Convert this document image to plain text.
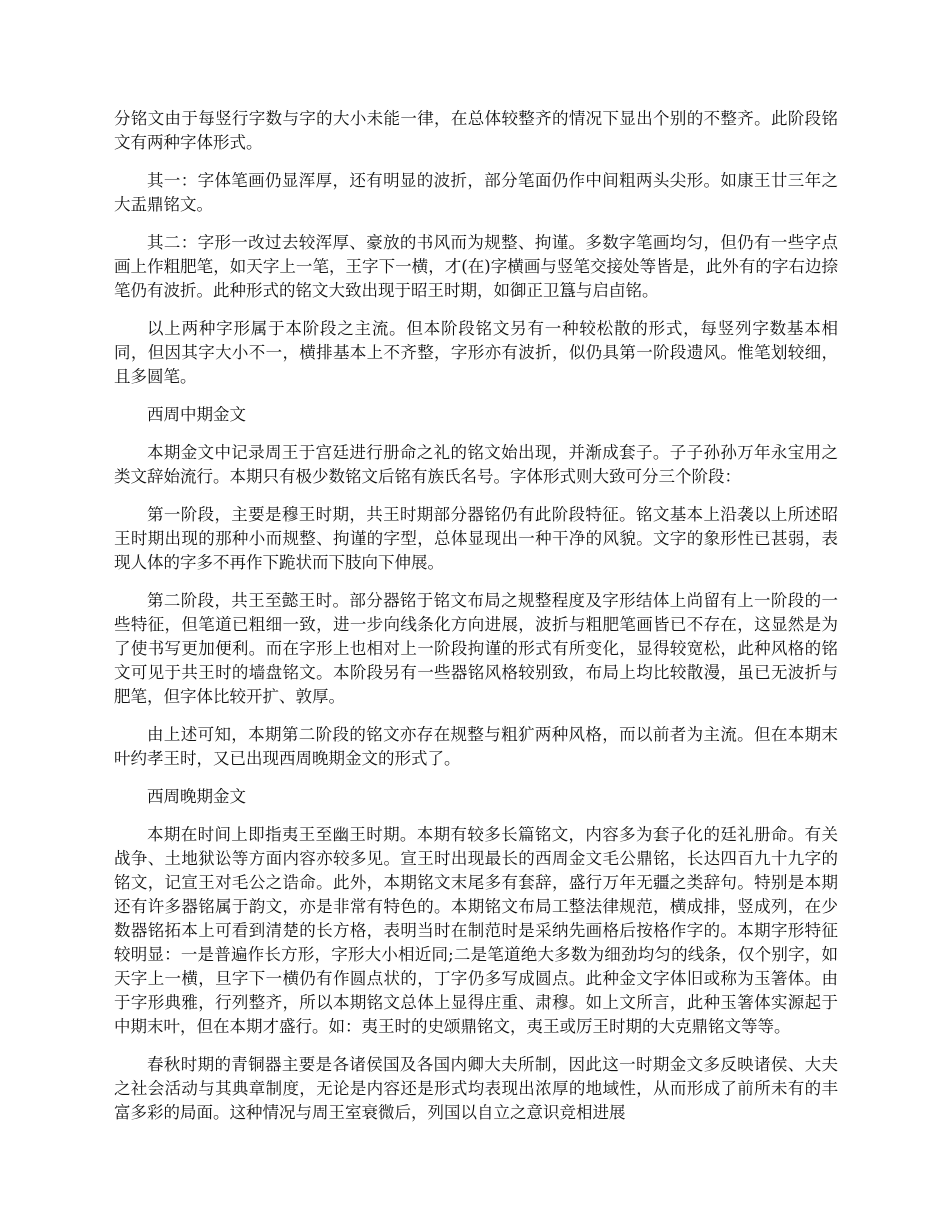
分铭文由于每竖行字数与字的大小未能一律，在总体较整齐的情况下显出个别的不整齐。此阶段铭文有两种字体形式。

其一：字体笔画仍显浑厚，还有明显的波折，部分笔面仍作中间粗两头尖形。如康王廿三年之大盂鼎铭文。

其二：字形一改过去较浑厚、豪放的书风而为规整、拘谨。多数字笔画均匀，但仍有一些字点画上作粗肥笔，如天字上一笔，王字下一横，才(在)字横画与竖笔交接处等皆是，此外有的字右边捺笔仍有波折。此种形式的铭文大致出现于昭王时期，如御正卫簋与启卣铭。

以上两种字形属于本阶段之主流。但本阶段铭文另有一种较松散的形式，每竖列字数基本相同，但因其字大小不一，横排基本上不齐整，字形亦有波折，似仍具第一阶段遗风。惟笔划较细，且多圆笔。

西周中期金文

本期金文中记录周王于宫廷进行册命之礼的铭文始出现，并渐成套子。子子孙孙万年永宝用之类文辞始流行。本期只有极少数铭文后铭有族氏名号。字体形式则大致可分三个阶段：

第一阶段，主要是穆王时期，共王时期部分器铭仍有此阶段特征。铭文基本上沿袭以上所述昭王时期出现的那种小而规整、拘谨的字型，总体显现出一种干净的风貌。文字的象形性已甚弱，表现人体的字多不再作下跪状而下肢向下伸展。

第二阶段，共王至懿王时。部分器铭于铭文布局之规整程度及字形结体上尚留有上一阶段的一些特征，但笔道已粗细一致，进一步向线条化方向进展，波折与粗肥笔画皆已不存在，这显然是为了使书写更加便利。而在字形上也相对上一阶段拘谨的形式有所变化，显得较宽松，此种风格的铭文可见于共王时的墙盘铭文。本阶段另有一些器铭风格较别致，布局上均比较散漫，虽已无波折与肥笔，但字体比较开扩、敦厚。

由上述可知，本期第二阶段的铭文亦存在规整与粗犷两种风格，而以前者为主流。但在本期末叶约孝王时，又已出现西周晚期金文的形式了。

西周晚期金文

本期在时间上即指夷王至幽王时期。本期有较多长篇铭文，内容多为套子化的廷礼册命。有关战争、土地狱讼等方面内容亦较多见。宣王时出现最长的西周金文毛公鼎铭，长达四百九十九字的铭文，记宣王对毛公之诰命。此外，本期铭文末尾多有套辞，盛行万年无疆之类辞句。特别是本期还有许多器铭属于韵文，亦是非常有特色的。本期铭文布局工整法律规范，横成排，竖成列，在少数器铭拓本上可看到清楚的长方格，表明当时在制范时是采纳先画格后按格作字的。本期字形特征较明显：一是普遍作长方形，字形大小相近同;二是笔道绝大多数为细劲均匀的线条，仅个别字，如天字上一横，旦字下一横仍有作圆点状的，丁字仍多写成圆点。此种金文字体旧或称为玉箸体。由于字形典雅，行列整齐，所以本期铭文总体上显得庄重、肃穆。如上文所言，此种玉箸体实源起于中期末叶，但在本期才盛行。如：夷王时的史颂鼎铭文，夷王或厉王时期的大克鼎铭文等等。

春秋时期的青铜器主要是各诸侯国及各国内卿大夫所制，因此这一时期金文多反映诸侯、大夫之社会活动与其典章制度，无论是内容还是形式均表现出浓厚的地域性，从而形成了前所未有的丰富多彩的局面。这种情况与周王室衰微后，列国以自立之意识竞相进展
